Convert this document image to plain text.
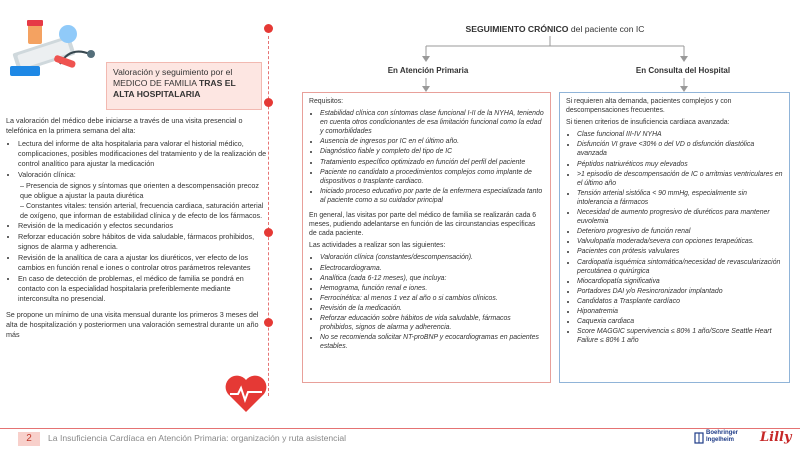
Valoración y seguimiento por el
MEDICO DE FAMILIA TRAS EL
ALTA HOSPITALARIA

La valoración del médico debe iniciarse a través de una visita presencial o telefónica en la primera semana del alta:

• Lectura del informe de alta hospitalaria para valorar el historial médico, complicaciones, posibles modificaciones del tratamiento y de la realización de control analítico para ajustar la medicación
• Valoración clínica:
– Presencia de signos y síntomas que orienten a descompensación precoz que obligue a ajustar la pauta diurética
– Constantes vitales: tensión arterial, frecuencia cardiaca, saturación arterial de oxígeno, que informan de estabilidad clínica y de efecto de los fármacos.
• Revisión de la medicación y efectos secundarios
• Reforzar educación sobre hábitos de vida saludable, fármacos prohibidos, signos de alarma y adherencia.
• Revisión de la analítica de cara a ajustar los diuréticos, ver efecto de los cambios en función renal e iones o controlar otros parámetros relevantes
• En caso de detección de problemas, el médico de familia se pondrá en contacto con la especialidad hospitalaria preferiblemente mediante interconsulta no presencial.

Se propone un mínimo de una visita mensual durante los primeros 3 meses del alta de hospitalización y posteriormen una valoración semestral durante un año más

SEGUIMIENTO CRÓNICO del paciente con IC
En Atención Primaria	En Consulta del Hospital

Requisitos:

• Estabilidad clínica con síntomas clase funcional I-II de la NYHA, teniendo en cuenta otros condicionantes de esa limitación funcional como la edad y comorbilidades
• Ausencia de ingresos por IC en el último año.
• Diagnóstico fiable y completo del tipo de IC
• Tratamiento específico optimizado en función del perfil del paciente
• Paciente no candidato a procedimientos complejos como implante de dispositivos o trasplante cardiaco.
• Iniciado proceso educativo por parte de la enfermera especializada tanto al paciente como a su cuidador principal

En general, las visitas por parte del médico de familia se realizarán cada 6 meses, pudiendo adelantarse en función de las circunstancias específicas de cada paciente.

Las actividades a realizar son las siguientes:

• Valoración clínica (constantes/descompensación).
• Electrocardiograma.
• Analítica (cada 6-12 meses), que incluya:
• Hemograma, función renal e iones.
• Ferrocinética: al menos 1 vez al año o si cambios clínicos.
• Revisión de la medicación.
• Reforzar educación sobre hábitos de vida saludable, fármacos prohibidos, signos de alarma y adherencia.
• No se recomienda solicitar NT-proBNP y ecocardiogramas en pacientes estables.

Si requieren alta demanda, pacientes complejos y con descompensaciones frecuentes.

Si tienen criterios de insuficiencia cardiaca avanzada:

• Clase funcional III-IV NYHA
• Disfunción VI grave <30% o del VD o disfunción diastólica avanzada
• Péptidos natriuréticos muy elevados
• >1 episodio de descompensación de IC o arritmias ventriculares en el último año
• Tensión arterial sistólica < 90 mmHg, especialmente sin intolerancia a fármacos
• Necesidad de aumento progresivo de diuréticos para mantener euvolemia
• Deterioro progresivo de función renal
• Valvulopatía moderada/severa con opciones terapeúticas.
• Pacientes con prótesis valvulares
• Cardiopatía isquémica sintomática/necesidad de revascularización percutánea o quirúrgica
• Miocardiopatía significativa
• Portadores DAI y/o Resincronizador implantado
• Candidatos a Trasplante cardíaco
• Hiponatremia
• Caquexia cardiaca
• Score MAGGIC supervivencia ≤ 80% 1 año/Score Seattle Heart Failure ≤ 80% 1 año
2	La Insuficiencia Cardíaca en Atención Primaria: organización y ruta asistencial	Boehringer
Ingelheim	Lilly
